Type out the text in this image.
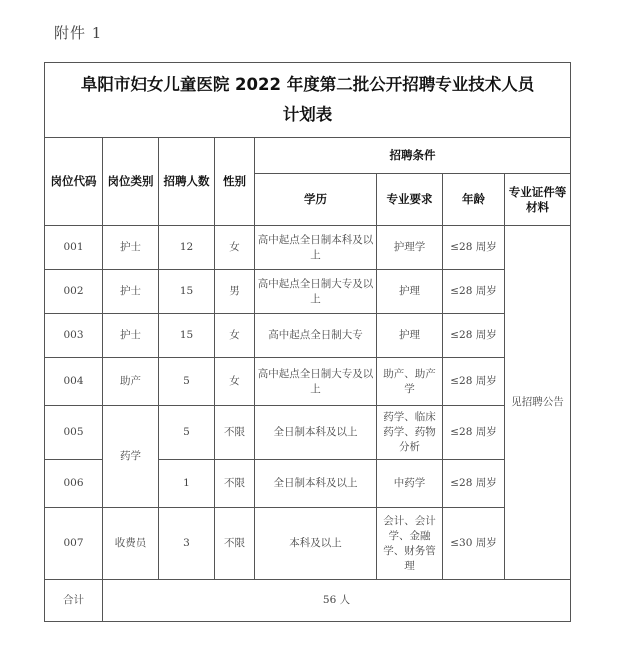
附件 1
阜阳市妇女儿童医院 2022 年度第二批公开招聘专业技术人员
计划表							

岗位代码	岗位类别	招聘人数	性别	招聘条件			
				学历	专业要求	年龄	专业证件等材料
001	护士	12	女	高中起点全日制本科及以上	护理学	≤28 周岁	见招聘公告
002	护士	15	男	高中起点全日制大专及以上	护理	≤28 周岁	
003	护士	15	女	高中起点全日制大专	护理	≤28 周岁	
004	助产	5	女	高中起点全日制大专及以上	助产、助产学	≤28 周岁	
005	药学	5	不限	全日制本科及以上	药学、临床药学、药物分析	≤28 周岁	
006		1	不限	全日制本科及以上	中药学	≤28 周岁	
007	收费员	3	不限	本科及以上	会计、会计学、金融学、财务管理	≤30 周岁	
合计	56 人						
